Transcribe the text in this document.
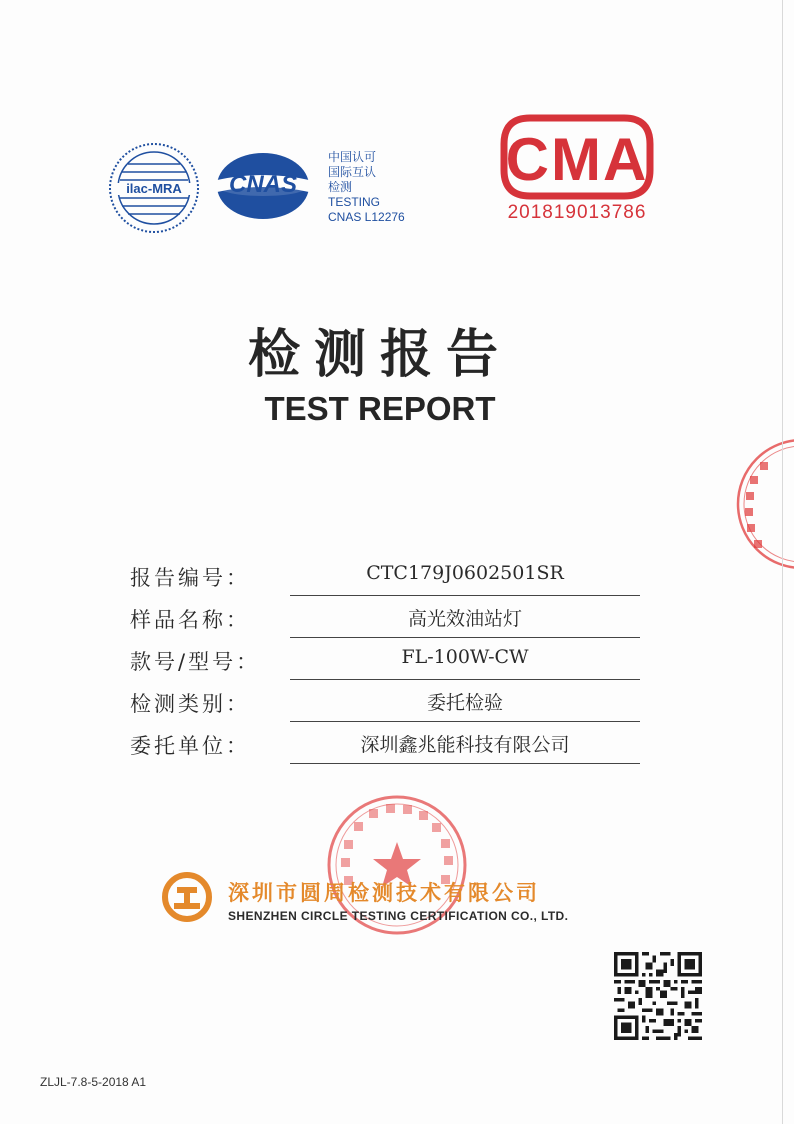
ilac-MRA CNAS
中国认可
国际互认
检测
TESTING
CNAS L12276
CMA
201819013786
检测报告
TEST REPORT
报告编号：	CTC179J0602501SR
样品名称：	高光效油站灯
款号/型号：	FL-100W-CW
检测类别：	委托检验
委托单位：	深圳鑫兆能科技有限公司
深圳市圆周检测技术有限公司
SHENZHEN CIRCLE TESTING CERTIFICATION CO., LTD.
ZLJL-7.8-5-2018 A1
